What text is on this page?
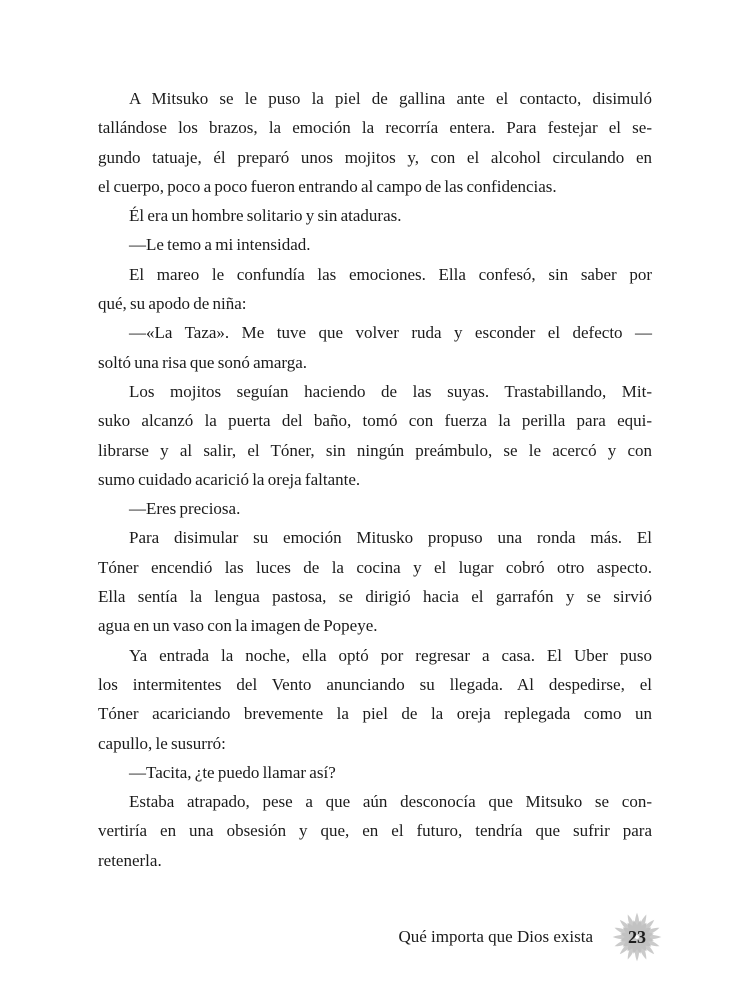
A Mitsuko se le puso la piel de gallina ante el contacto, disimuló
tallándose los brazos, la emoción la recorría entera. Para festejar el se-
gundo tatuaje, él preparó unos mojitos y, con el alcohol circulando en
el cuerpo, poco a poco fueron entrando al campo de las confidencias.
Él era un hombre solitario y sin ataduras.
—Le temo a mi intensidad.
El mareo le confundía las emociones. Ella confesó, sin saber por
qué, su apodo de niña:
—«La Taza». Me tuve que volver ruda y esconder el defecto —
soltó una risa que sonó amarga.
Los mojitos seguían haciendo de las suyas. Trastabillando, Mit-
suko alcanzó la puerta del baño, tomó con fuerza la perilla para equi-
librarse y al salir, el Tóner, sin ningún preámbulo, se le acercó y con
sumo cuidado acarició la oreja faltante.
—Eres preciosa.
Para disimular su emoción Mitusko propuso una ronda más. El
Tóner encendió las luces de la cocina y el lugar cobró otro aspecto.
Ella sentía la lengua pastosa, se dirigió hacia el garrafón y se sirvió
agua en un vaso con la imagen de Popeye.
Ya entrada la noche, ella optó por regresar a casa. El Uber puso
los intermitentes del Vento anunciando su llegada. Al despedirse, el
Tóner acariciando brevemente la piel de la oreja replegada como un
capullo, le susurró:
—Tacita, ¿te puedo llamar así?
Estaba atrapado, pese a que aún desconocía que Mitsuko se con-
vertiría en una obsesión y que, en el futuro, tendría que sufrir para
retenerla.
Qué importa que Dios exista	23
